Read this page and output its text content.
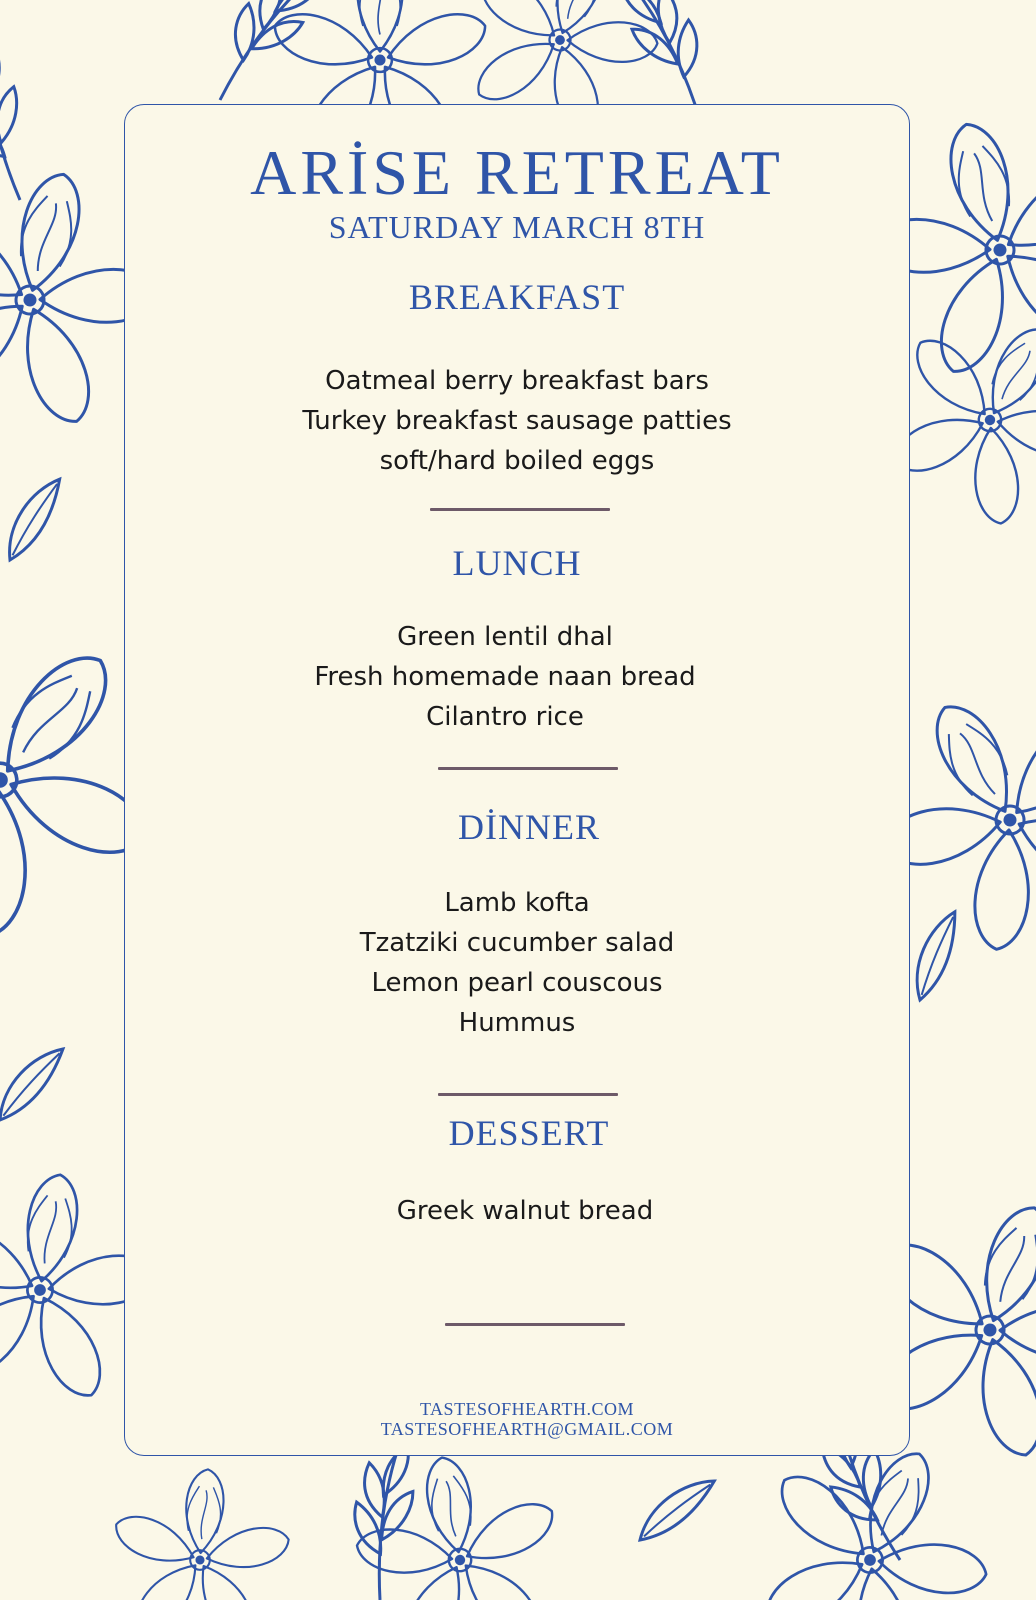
ARİSE RETREAT
SATURDAY MARCH 8TH
BREAKFAST
Oatmeal berry breakfast bars
Turkey breakfast sausage patties
soft/hard boiled eggs
LUNCH
Green lentil dhal
Fresh homemade naan bread
Cilantro rice
DİNNER
Lamb kofta
Tzatziki cucumber salad
Lemon pearl couscous
Hummus
DESSERT
Greek walnut bread
TASTESOFHEARTH.COM
TASTESOFHEARTH@GMAIL.COM
